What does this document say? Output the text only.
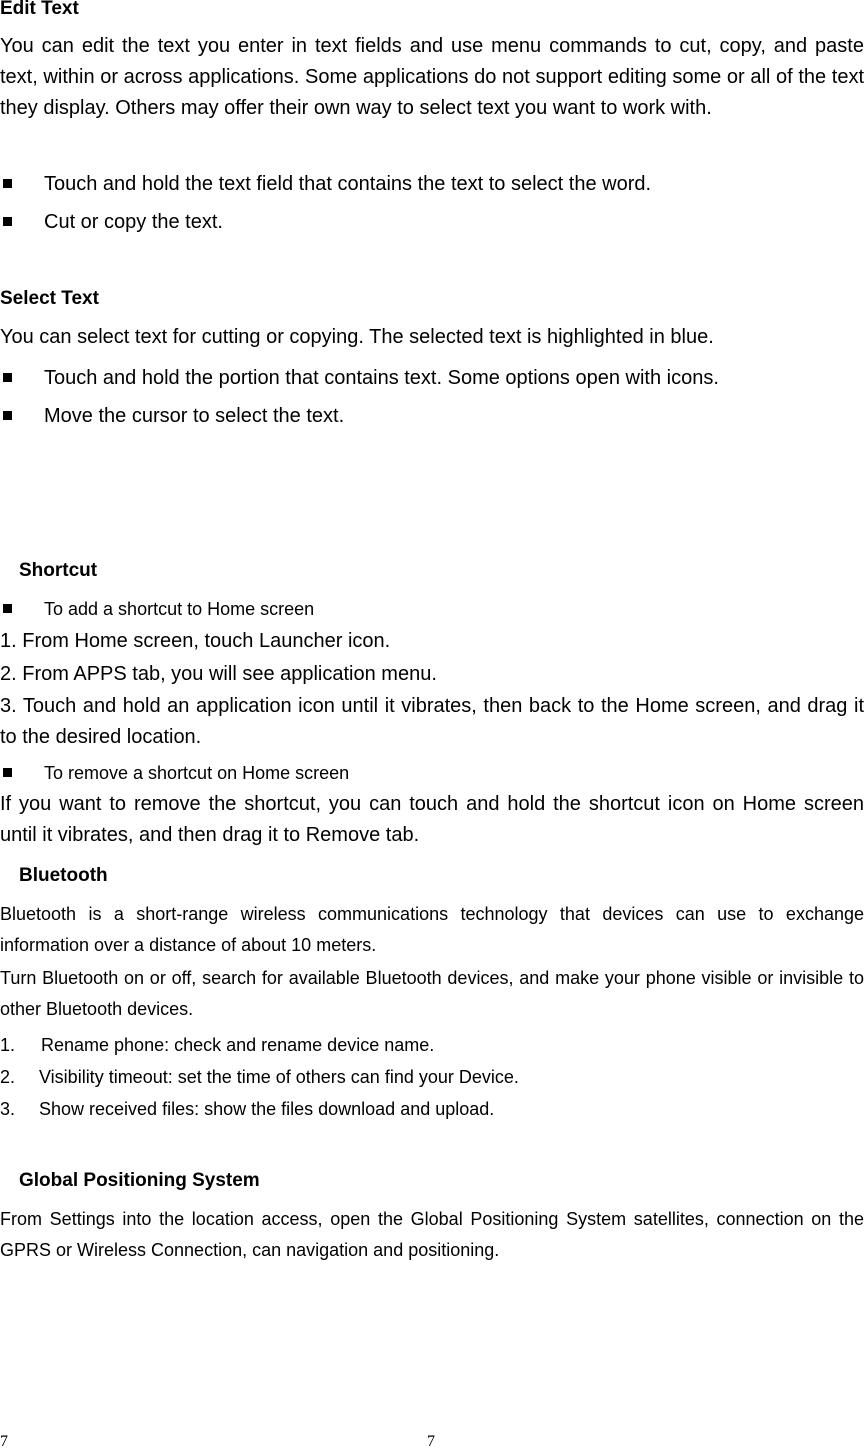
Edit Text
You can edit the text you enter in text fields and use menu commands to cut, copy, and paste text, within or across applications. Some applications do not support editing some or all of the text they display. Others may offer their own way to select text you want to work with.
Touch and hold the text field that contains the text to select the word.
Cut or copy the text.
Select Text
You can select text for cutting or copying. The selected text is highlighted in blue.
Touch and hold the portion that contains text. Some options open with icons.
Move the cursor to select the text.
Shortcut
To add a shortcut to Home screen
1. From Home screen, touch Launcher icon.
2. From APPS tab, you will see application menu.
3. Touch and hold an application icon until it vibrates, then back to the Home screen, and drag it to the desired location.
To remove a shortcut on Home screen
If you want to remove the shortcut, you can touch and hold the shortcut icon on Home screen until it vibrates, and then drag it to Remove tab.
Bluetooth
Bluetooth is a short-range wireless communications technology that devices can use to exchange information over a distance of about 10 meters.
Turn Bluetooth on or off, search for available Bluetooth devices, and make your phone visible or invisible to other Bluetooth devices.
1. Rename phone: check and rename device name.
2. Visibility timeout: set the time of others can find your Device.
3. Show received files: show the files download and upload.
Global Positioning System
From Settings into the location access, open the Global Positioning System satellites, connection on the GPRS or Wireless Connection, can navigation and positioning.
7	7
